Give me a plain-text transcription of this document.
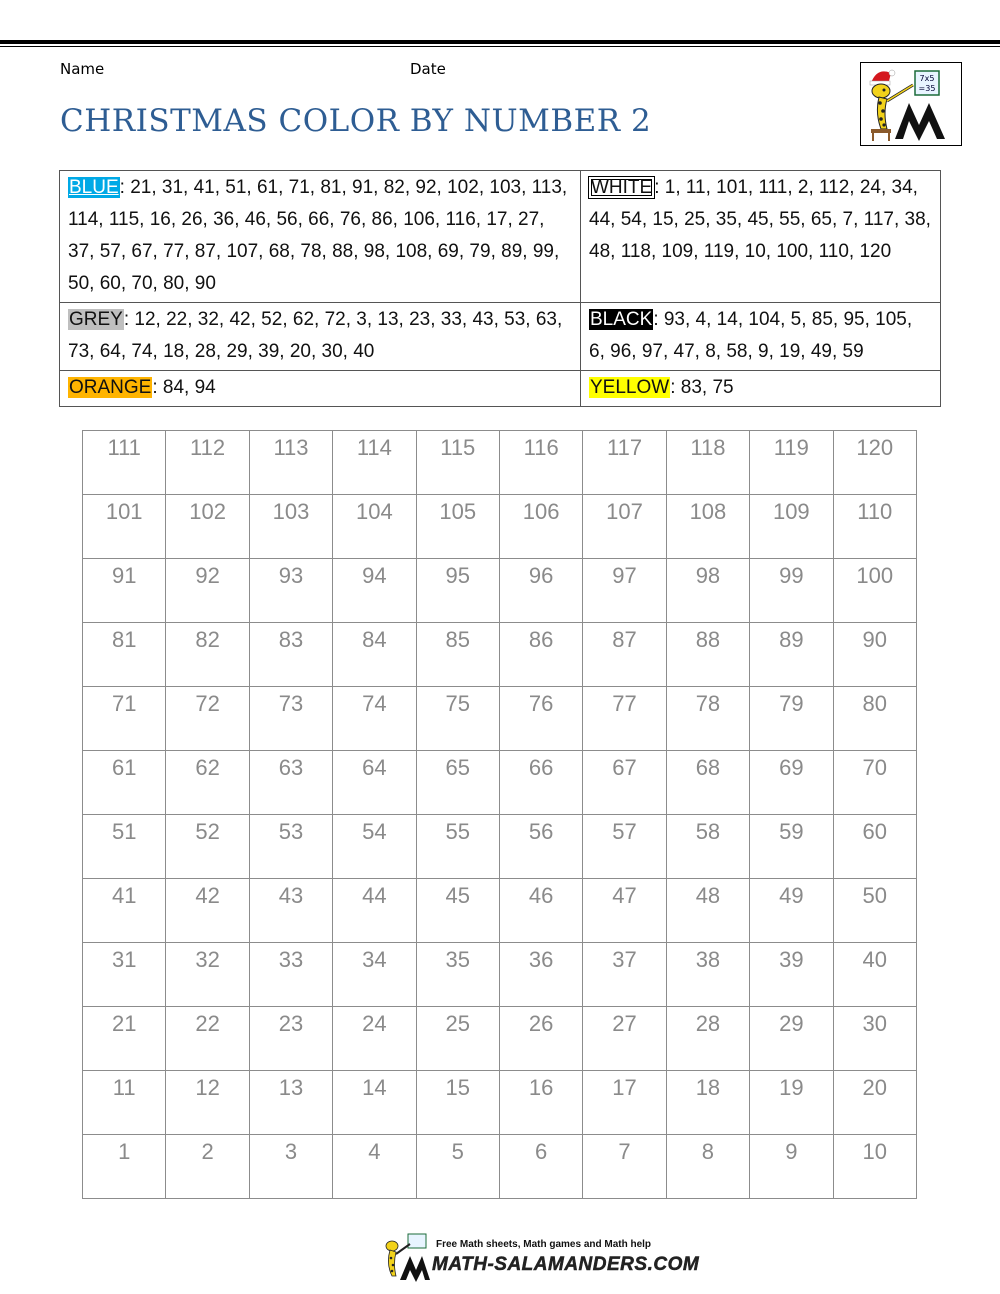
Name	Date
CHRISTMAS COLOR BY NUMBER 2
7x5
=35
BLUE: 21, 31, 41, 51, 61, 71, 81, 91, 82, 92, 102, 103, 113, 114, 115, 16, 26, 36, 46, 56, 66, 76, 86, 106, 116, 17, 27, 37, 57, 67, 77, 87, 107, 68, 78, 88, 98, 108, 69, 79, 89, 99, 50, 60, 70, 80, 90	WHITE : 1, 11, 101, 111, 2, 112, 24, 34, 44, 54, 15, 25, 35, 45, 55, 65, 7, 117, 38, 48, 118, 109, 119, 10, 100, 110, 120
GREY: 12, 22, 32, 42, 52, 62, 72, 3, 13, 23, 33, 43, 53, 63, 73, 64, 74, 18, 28, 29, 39, 20, 30, 40	BLACK: 93, 4, 14, 104, 5, 85, 95, 105, 6, 96, 97, 47, 8, 58, 9, 19, 49, 59
ORANGE: 84, 94	YELLOW: 83, 75
111	112	113	114	115	116	117	118	119	120
101	102	103	104	105	106	107	108	109	110
91	92	93	94	95	96	97	98	99	100
81	82	83	84	85	86	87	88	89	90
71	72	73	74	75	76	77	78	79	80
61	62	63	64	65	66	67	68	69	70
51	52	53	54	55	56	57	58	59	60
41	42	43	44	45	46	47	48	49	50
31	32	33	34	35	36	37	38	39	40
21	22	23	24	25	26	27	28	29	30
11	12	13	14	15	16	17	18	19	20
1	2	3	4	5	6	7	8	9	10
Free Math sheets, Math games and Math help
MATH-SALAMANDERS.COM
